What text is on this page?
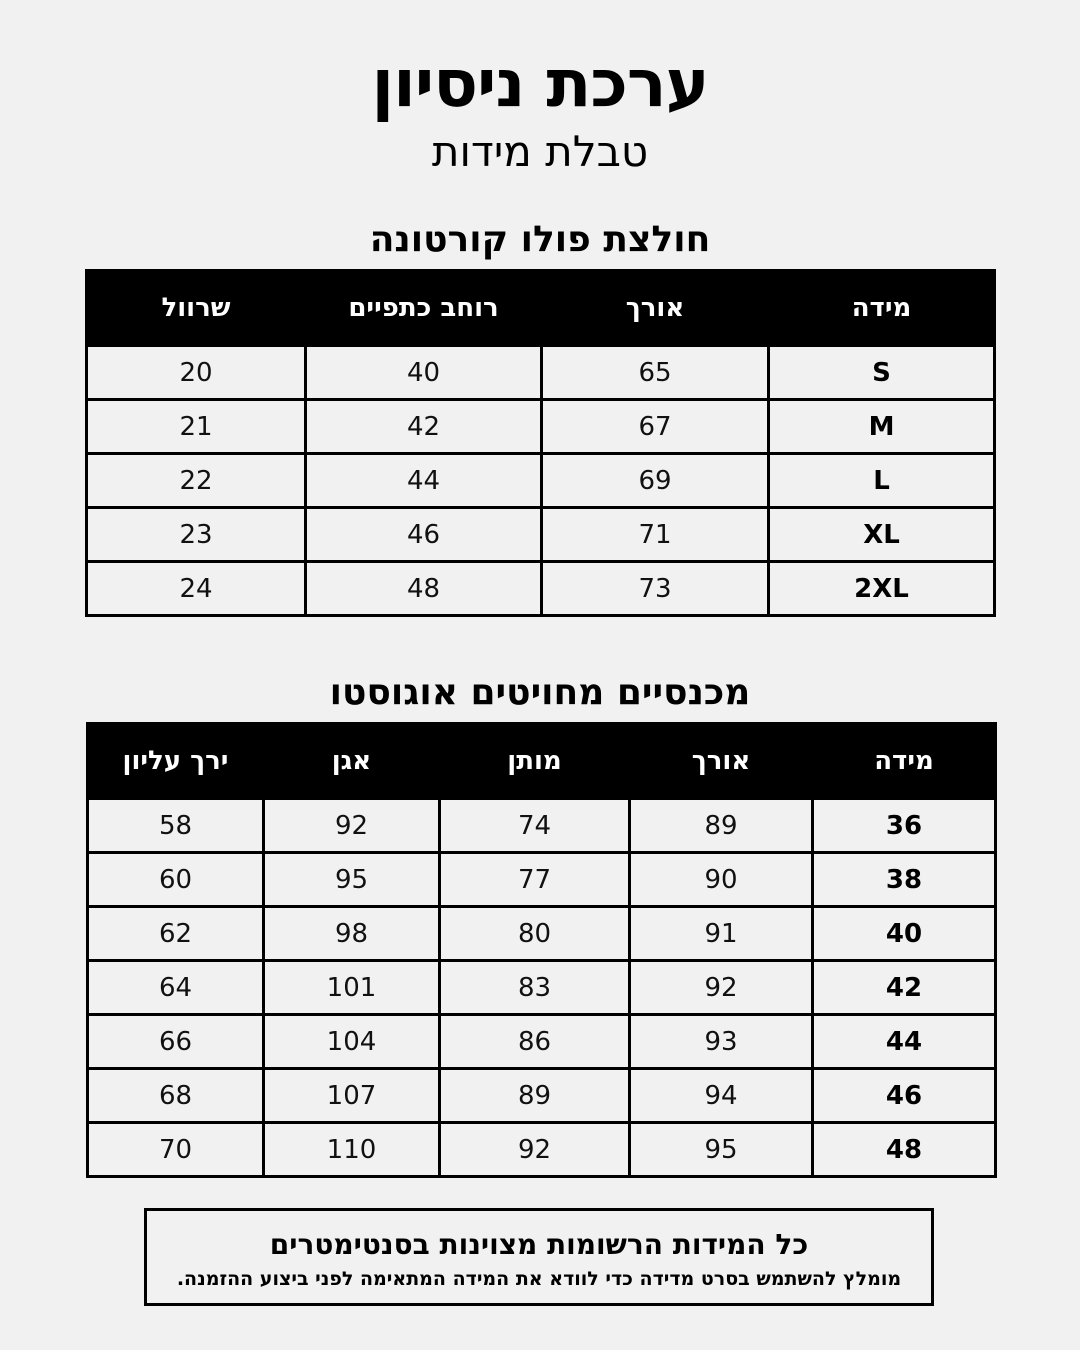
ערכת ניסיון
טבלת מידות
חולצת פולו קורטונה
מידה	אורך	רוחב כתפיים	שרוול
S	65	40	20
M	67	42	21
L	69	44	22
XL	71	46	23
2XL	73	48	24
מכנסיים מחויטים אוגוסטו
מידה	אורך	מותן	אגן	ירך עליון
36	89	74	92	58
38	90	77	95	60
40	91	80	98	62
42	92	83	101	64
44	93	86	104	66
46	94	89	107	68
48	95	92	110	70
כל המידות הרשומות מצוינות בסנטימטרים
מומלץ להשתמש בסרט מדידה כדי לוודא את המידה המתאימה לפני ביצוע ההזמנה.
